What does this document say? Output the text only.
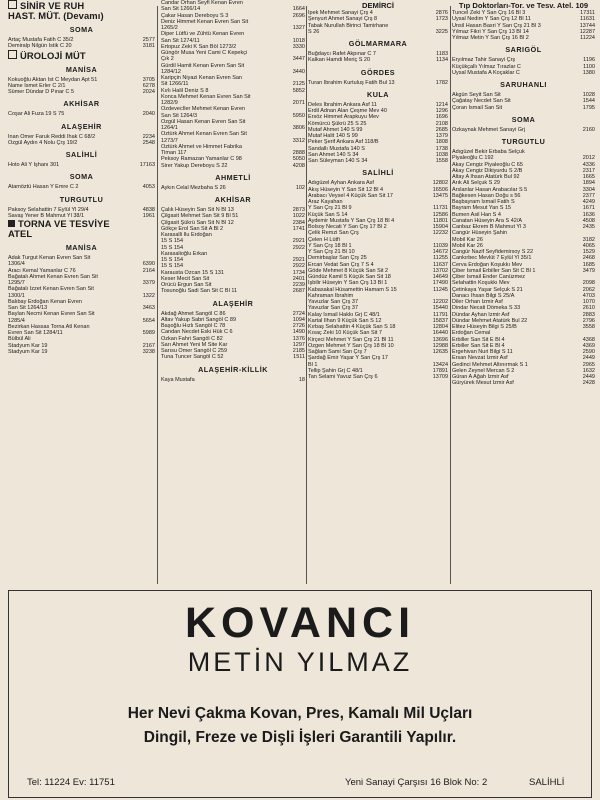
SİNİR VE RUH
HAST. MÜT. (Devamı)
SOMA
Artaç Mustafa Fatih C 35/2	2577
Demiralp Nilgün İstik C 20	3181
ÜROLOJİ MÜT
MANİSA
Kokuoğlu Aktan İst C Meydan Apt 51	3705
Name İsmet Erler C 2/1	6278
Sümer Dündar D Pınar C 5	2024
AKHİSAR
Coşar Ali Fuza 19 S 75	2040
ALAŞEHİR
İnan Ömer Faruk Reddi İhak C 68/2	2234
Özgül Aydın 4 Nolu Çrş 19/2	2548
SALİHLİ
Hoto Ali Y İşhanı 301	17163
SOMA
Atamöztü Hasan Y Emre C 2	4053
TURGUTLU
Paksoy Selahattin 7 Eylül Yl 29/4	4838
Savaş Yener B Mahmut Yl 38/1	1961
TORNA VE TESVİYE
ATEL
MANİSA
Adak Turgut Kenan Evren San Sit
1306/4	6390
Aracı Kemal Yamanlar C 76	2164
Bağatalı Ahmet Kenan Evren San Sit
1295/7	3379
Bağatalı İzzet Kenan Evren San Sit
1300/1	1322
Balıbay Erdoğan Kenan Evren
San Sit 1264/13	3463
Baylan Necmi Kenan Evren San Sit
1285/4	5654
Bezirkan Hassas Torna Atl Kenan
Evren San Sit 1284/11	5989
Bülbül Ali
Stadyum Kar 19	2167
Stadyum Kar 19	3238
Candar Orhan Seyfi Kenan Evren
San Sit 1266/14	1664
Çakar Hasan Dereboyu S 3	2696
Deniz Himmet Kenan Evren San Sit
1265/2	1327
Diper Lütfü ve Zühtü Kenan Evren
San Sit 1274/11	1018
Ertopuz Zeki K San Böl 1273/2	3330
Güngör Musa Yeni Cami C Kepekçi
Çık 2	3447
Gürdil Hamit Kenan Evren San Sit
1284/12	3440
Karipçin Niyazi Kenan Evren San
Sit 1266/11	2125
Kırlı Halil Deniz S 8	5852
Konca Mehmet Kenan Evren San Sit
1282/9	2071
Özdevecİler Mehmet Kenan Evren
San Sit 1264/3	5950
Özgül Hasan Kenan Evren San Sit
1264/1	3806
Öztürk Ahmet Kenan Evren San Sit
1273/7	3312
Öztürk Ahmet ve Himmet Fabrika
Timan 117	2888
Peksoy Ramazan Yamanlar C 98	5050
Sirer Yakup Dereboyu S 22	4208
AHMETLİ
Aykın Celal Mezbaha S 26	102
AKHİSAR
Çalık Hüseyin San Sit N Bl 13	2873
Çilgasit Mehmet San Sit 9 Bl 51	1022
Çilgasit Şükrü San Sit N Bl 12	2384
Gökçe Erol San Sit A Bl 2	1741
Karasalli Ilu Erdoğan
15 S 154	2921
15 S 154	2922
Karasalioğlu Erkan
15 S 154	2921
15 S 154	2922
Karausta Özcan 15 S 131	1734
Keser Mecit San Sit	2401
Örücü Ergun San Sit	2239
Tosunoğlu Sadi San Sit C Bl 11	2687
ALAŞEHİR
Akdağ Ahmet Sangöl C 86	2724
Altav Yakup Sabri Sangöl C 89	1094
Başoğlu Hızlı Sangöl C 78	2726
Candan Necdet Eski Hük C 6	1490
Özkan Fahri Sangöl C 82	1376
Sarı Ahmet Yeni M Site Kar	1297
Sarısu Ömer Sangöl C 259	2185
Tuna Tuncer Sangöl C 52	1511
ALAŞEHİR-KİLLİK
Kaya Mustafa	18
DEMİRCİ
İpek Mehmet Sanayi Çrş 4	2876
Şenyurt Ahmet Sanayi Çrş 8	1723
Tabak Nurullah Birinci Tamirhane
S 26	3225
GÖLMARMARA
Buğdaycı Rafet Akpınar C 7	1183
Kalkan Hamdi Meriç S 20	1134
GÖRDES
Turan İbrahim Kurtuluş Fatih Bul 13	1782
KULA
Deles İbrahim Ankara Asf 11	1214
Erdil Adnan Alan Çeşme Mev 40	1296
Ersöz Himmet Arapkuyu Mev	1696
Kömürcü Şükrü 25 S 25	2108
Mutaf Ahmet 140 S 99	2685
Mutaf Halit 140 S 99	1379
Peker Şerif Ankara Asf 118/B	1808
Sandallı Mustafa 140 S	1738
San Ahmet 140 S 34	1038
San Süleyman 140 S 34	1558
SALİHLİ
Adıgüzel Ayhan Ankara Asf	12802
Akış Hüseyin Y San Sit 12 Bl 4	16506
Arabacı Veysel 4 Küçük San Sit 17	13475
Araz Kayahan
Y San Çrş 21 Bl 9	11731
Küçük San S 14	12586
Aydemir Mustafa Y San Çrş 18 Bl 4	11801
Bolsoy Necati Y San Çrş 17 Bl 2	15904
Çelik Remzi San Çrş	12232
Çelen H Lütfi
Y San Çrş 18 Bl 1	11039
Y San Çrş 21 Bl 10	14672
Demirbaşlar San Çrş 25	11255
Ercan Vedat San Çrş 7 S 4	11637
Göde Mehmet 8 Küçük San Sit 2	13702
Gündüz Kamil 5 Küçük San Sit 18	14649
İşbilir Hüseyin Y San Çrş 13 Bl 1	17490
Kabasakal Hüsamettin Hamam S 15	11245
Kahraman İbrahim
Yavuzlar San Çrş 37	12202
Yavuzlar San Çrş 37	15440
Kalay İsmail Hakkı Grj C 48/1	11791
Kartal İlhan 9 Küçük San S 12	15837
Kırbaş Selahattin 4 Küçük San S 18	12804
Kısaç Zeki 10 Küçük San Sit 7	16440
Kirçeci Mehmet Y San Çrş 21 Bl 11	13696
Özgen Mehmet Y San Çrş 18 Bl 10	12988
Sağlam Sami San Çrş 7	12635
Şardağ Emir Yaşar Y San Çrş 17
Bl 1	13424
Tellip Şahin Grj C 48/1	17891
Tan Selami Yavuz San Çrş 6	13709
Tıp Doktorları-Tor. ve Tesv. Atel. 109
Tuncel Zeki Y San Çrş 16 Bl 3	17311
Uysal Nedim Y San Çrş 12 Bl 11	11631
Ünsil Hasan Basri Y San Çrş 21 Bl 3	13744
Yılmaz Fikri Y San Çrş 13 Bl 14	12287
Yılmaz Metin Y San Çrş 16 Bl 2	11224
SARIGÖL
Eryılmaz Tahir Sanayi Çrş	1196
Küçükçallı Yılmaz Tırazlar C	1100
Uysal Mustafa A Koçaklar C	1380
SARUHANLI
Akgün Seyit San Sit	1028
Çağatay Necdet San Sit	1544
Çoran İsmail San Sit	1795
SOMA
Özkaynak Mehmet Sanayi Grj	2160
TURGUTLU
Adıgüzel Bekir Erbaba Selçuk
Piyaleoğlu C 192	2012
Akay Cengiz Piyaleoğlu C 65	4336
Akay Cengiz Dikiyurdu S 2/B	2317
Altay A İhsan Atatürk Bul 92	1665
Arık Ali Selçuk S 29	1894
Arslanlar Hasan Arabacılar S 5	3304
Bağkesen Hasan Doğu s 56	2377
Başbayram İsmail Fatih S	4249
Bayram Mesut Yan S 15	1671
Bumen Asil Han S 4	1636
Canatan Hüseyin Ara S 42/A	4508
Canbaz Ekrem B Mahmut Yl 3	2435
Cangür Hüseyin Şahin
Mobil Kar 26	3182
Mobil Kar 26	4065
Cangür Nazif Seyfidemirsoy S 22	1529
Cankırbec Mevlüt 7 Eylül Yl 35/1	2468
Cerva Erdoğan Koşukkı Mev	1685
Çiber İsmail Erbiller San Sit C Bl 1	3479
Çiber İsmail Ender Canüzmez
Selahattin Koşukkı Mev	2098
Çetinkaya Yaşar Selçuk S 21	2062
Danacı İhsan Bilgi S 25/A	4703
Diler Orhan İzmir Asf	1070
Dindar Necati Dömeka S 33	2610
Dündar Ayhan İzmir Asf	2883
Dündar Mehmet Atatürk Bul 22	2796
Elitez Hüseyin Bilgi S 25/B	3558
Erdoğan Cemal
Erbiller San Sit E Bl 4	4368
Erbiller San Sit E Bl 4	4369
Ergehivan Nuri Bilgi S 11	2590
Ersan Nevzat İzmir Asf	2449
Gedinci Mehmet Altınırmak S 1	2965
Gelen Zeynel Mercan S 2	1632
Güran A Ağah İzmir Asf	2449
Güryürek Mesut İzmir Asf	2428
KOVANCI
METİN YILMAZ
Her Nevi Çakma Kovan, Pres, Kamalı Mil Uçları
Dingil, Freze ve Dişli İşleri Garantili Yapılır.
Tel: 11224 Ev: 11751	Yeni Sanayi Çarşısı 16 Blok No: 2	SALİHLİ
